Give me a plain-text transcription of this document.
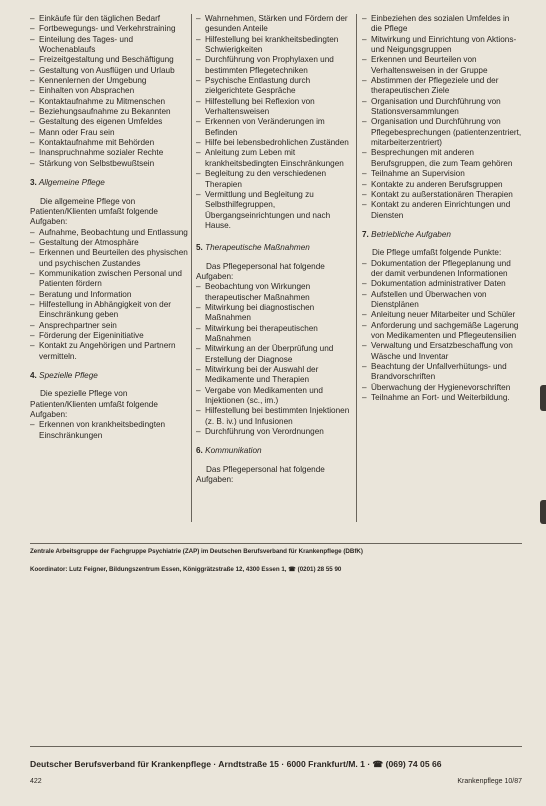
– Einkäufe für den täglichen Bedarf
– Fortbewegungs- und Verkehrstraining
– Einteilung des Tages- und Wochenablaufs
– Freizeitgestaltung und Beschäftigung
– Gestaltung von Ausflügen und Urlaub
– Kennenlernen der Umgebung
– Einhalten von Absprachen
– Kontaktaufnahme zu Mitmenschen
– Beziehungsaufnahme zu Bekannten
– Gestaltung des eigenen Umfeldes
– Mann oder Frau sein
– Kontaktaufnahme mit Behörden
– Inanspruchnahme sozialer Rechte
– Stärkung von Selbstbewußtsein
3. Allgemeine Pflege

Die allgemeine Pflege von Patienten/Klienten umfaßt folgende Aufgaben:

– Aufnahme, Beobachtung und Entlassung
– Gestaltung der Atmosphäre
– Erkennen und Beurteilen des physischen und psychischen Zustandes
– Kommunikation zwischen Personal und Patienten fördern
– Beratung und Information
– Hilfestellung in Abhängigkeit von der Einschränkung geben
– Ansprechpartner sein
– Förderung der Eigeninitiative
– Kontakt zu Angehörigen und Partnern vermitteln.
4. Spezielle Pflege

Die spezielle Pflege von Patienten/Klienten umfaßt folgende Aufgaben:

– Erkennen von krankheitsbedingten Einschränkungen
– Wahrnehmen, Stärken und Fördern der gesunden Anteile
– Hilfestellung bei krankheitsbedingten Schwierigkeiten
– Durchführung von Prophylaxen und bestimmten Pflegetechniken
– Psychische Entlastung durch zielgerichtete Gespräche
– Hilfestellung bei Reflexion von Verhaltensweisen
– Erkennen von Veränderungen im Befinden
– Hilfe bei lebensbedrohlichen Zuständen
– Anleitung zum Leben mit krankheitsbedingten Einschränkungen
– Begleitung zu den verschiedenen Therapien
– Vermittlung und Begleitung zu Selbsthilfegruppen, Übergangseinrichtungen und nach Hause.
5. Therapeutische Maßnahmen

Das Pflegepersonal hat folgende Aufgaben:

– Beobachtung von Wirkungen therapeutischer Maßnahmen
– Mitwirkung bei diagnostischen Maßnahmen
– Mitwirkung bei therapeutischen Maßnahmen
– Mitwirkung an der Überprüfung und Erstellung der Diagnose
– Mitwirkung bei der Auswahl der Medikamente und Therapien
– Vergabe von Medikamenten und Injektionen (sc., im.)
– Hilfestellung bei bestimmten Injektionen (z. B. iv.) und Infusionen
– Durchführung von Verordnungen
6. Kommunikation

Das Pflegepersonal hat folgende Aufgaben:

– Einbeziehen des sozialen Umfeldes in die Pflege
– Mitwirkung und Einrichtung von Aktions- und Neigungsgruppen
– Erkennen und Beurteilen von Verhaltensweisen in der Gruppe
– Abstimmen der Pflegeziele und der therapeutischen Ziele
– Organisation und Durchführung von Stationsversammlungen
– Organisation und Durchführung von Pflegebesprechungen (patientenzentriert, mitarbeiterzentriert)
– Besprechungen mit anderen Berufsgruppen, die zum Team gehören
– Teilnahme an Supervision
– Kontakte zu anderen Berufsgruppen
– Kontakt zu außerstationären Therapien
– Kontakt zu anderen Einrichtungen und Diensten
7. Betriebliche Aufgaben

Die Pflege umfaßt folgende Punkte:

– Dokumentation der Pflegeplanung und der damit verbundenen Informationen
– Dokumentation administrativer Daten
– Aufstellen und Überwachen von Dienstplänen
– Anleitung neuer Mitarbeiter und Schüler
– Anforderung und sachgemäße Lagerung von Medikamenten und Pflegeutensilien
– Verwaltung und Ersatzbeschaffung von Wäsche und Inventar
– Beachtung der Unfallverhütungs- und Brandvorschriften
– Überwachung der Hygienevorschriften
– Teilnahme an Fort- und Weiterbildung.
Zentrale Arbeitsgruppe der Fachgruppe Psychiatrie (ZAP) im Deutschen Berufsverband für Krankenpflege (DBfK)
Koordinator: Lutz Feigner, Bildungszentrum Essen, Königgrätzstraße 12, 4300 Essen 1, ☎ (0201) 28 55 90
Deutscher Berufsverband für Krankenpflege · Arndtstraße 15 · 6000 Frankfurt/M. 1 · ☎ (069) 74 05 66
422	Krankenpflege 10/87
